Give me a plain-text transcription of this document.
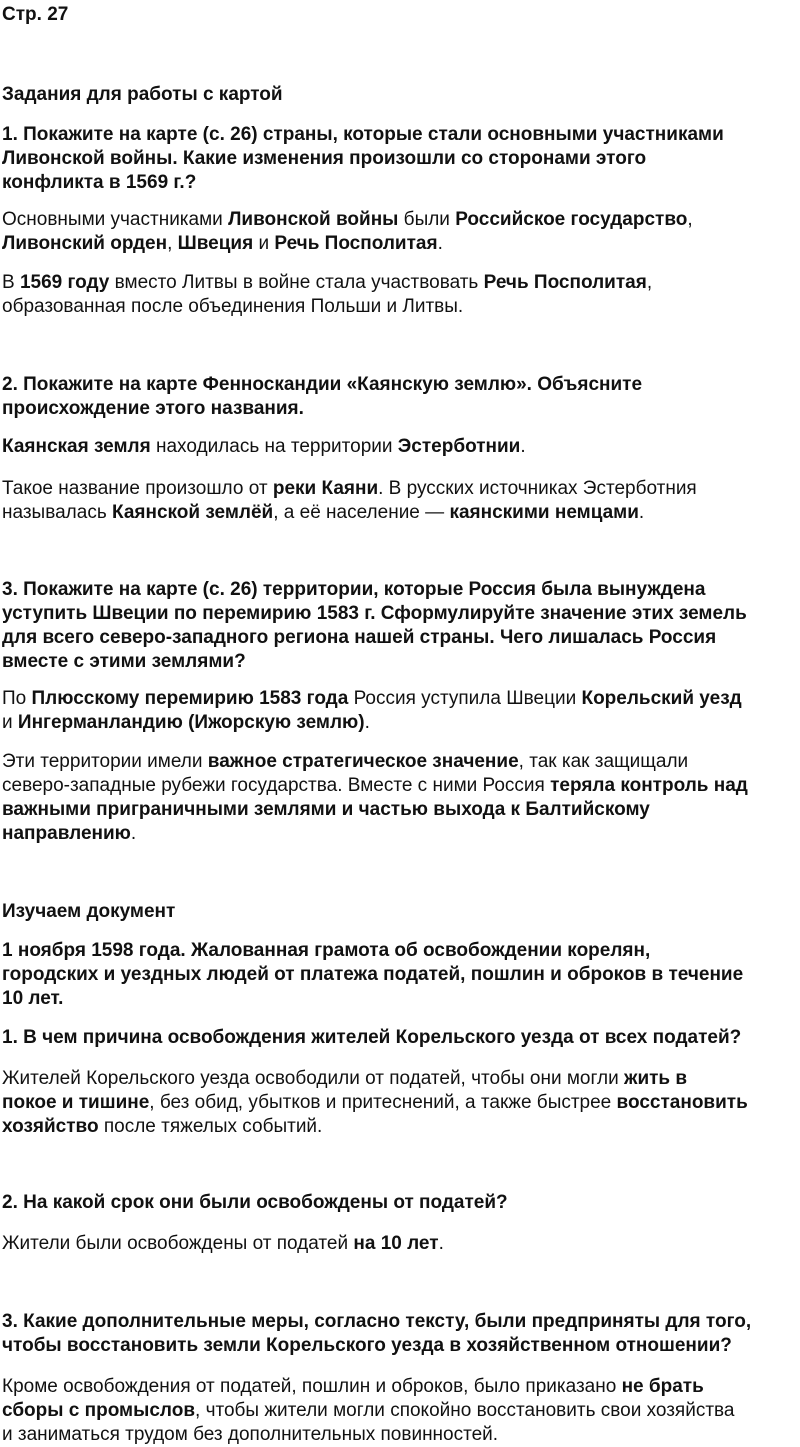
Стр. 27

Задания для работы с картой

1. Покажите на карте (с. 26) страны, которые стали основными участниками
Ливонской войны. Какие изменения произошли со сторонами этого
конфликта в 1569 г.?

Основными участниками Ливонской войны были Российское государство,
Ливонский орден, Швеция и Речь Посполитая.

В 1569 году вместо Литвы в войне стала участвовать Речь Посполитая,
образованная после объединения Польши и Литвы.

2. Покажите на карте Фенноскандии «Каянскую землю». Объясните
происхождение этого названия.

Каянская земля находилась на территории Эстерботнии.

Такое название произошло от реки Каяни. В русских источниках Эстерботния
называлась Каянской землёй, а её население — каянскими немцами.

3. Покажите на карте (с. 26) территории, которые Россия была вынуждена
уступить Швеции по перемирию 1583 г. Сформулируйте значение этих земель
для всего северо-западного региона нашей страны. Чего лишалась Россия
вместе с этими землями?

По Плюсскому перемирию 1583 года Россия уступила Швеции Корельский уезд
и Ингерманландию (Ижорскую землю).

Эти территории имели важное стратегическое значение, так как защищали
северо-западные рубежи государства. Вместе с ними Россия теряла контроль над
важными приграничными землями и частью выхода к Балтийскому
направлению.

Изучаем документ

1 ноября 1598 года. Жалованная грамота об освобождении корелян,
городских и уездных людей от платежа податей, пошлин и оброков в течение
10 лет.

1. В чем причина освобождения жителей Корельского уезда от всех податей?

Жителей Корельского уезда освободили от податей, чтобы они могли жить в
покое и тишине, без обид, убытков и притеснений, а также быстрее восстановить
хозяйство после тяжелых событий.

2. На какой срок они были освобождены от податей?

Жители были освобождены от податей на 10 лет.

3. Какие дополнительные меры, согласно тексту, были предприняты для того,
чтобы восстановить земли Корельского уезда в хозяйственном отношении?

Кроме освобождения от податей, пошлин и оброков, было приказано не брать
сборы с промыслов, чтобы жители могли спокойно восстановить свои хозяйства
и заниматься трудом без дополнительных повинностей.
